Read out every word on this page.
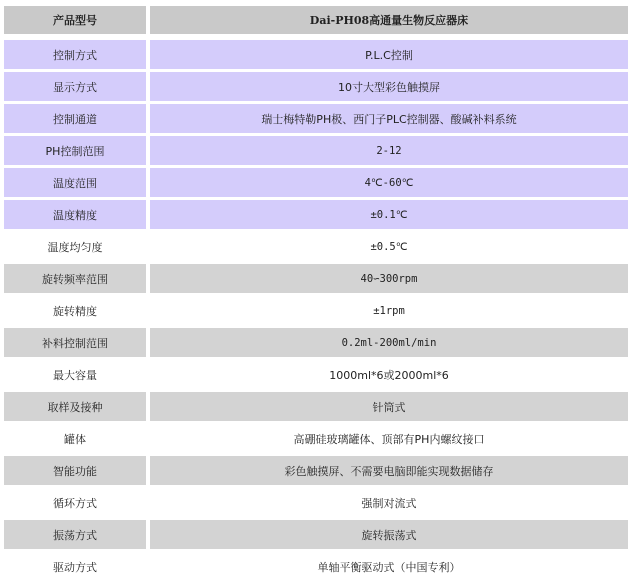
产品型号	Dai-PH08高通量生物反应器床
控制方式	P.L.C控制
显示方式	10寸大型彩色触摸屏
控制通道	瑞士梅特勒PH极、西门子PLC控制器、酸碱补料系统
PH控制范围	2-12
温度范围	4℃-60℃
温度精度	±0.1℃
温度均匀度	±0.5℃
旋转频率范围	40∽300rpm
旋转精度	±1rpm
补料控制范围	0.2ml-200ml/min
最大容量	1000ml*6或2000ml*6
取样及接种	针筒式
罐体	高硼硅玻璃罐体、顶部有PH内螺纹接口
智能功能	彩色触摸屏、不需要电脑即能实现数据储存
循环方式	强制对流式
振荡方式	旋转振荡式
驱动方式	单轴平衡驱动式（中国专利）
